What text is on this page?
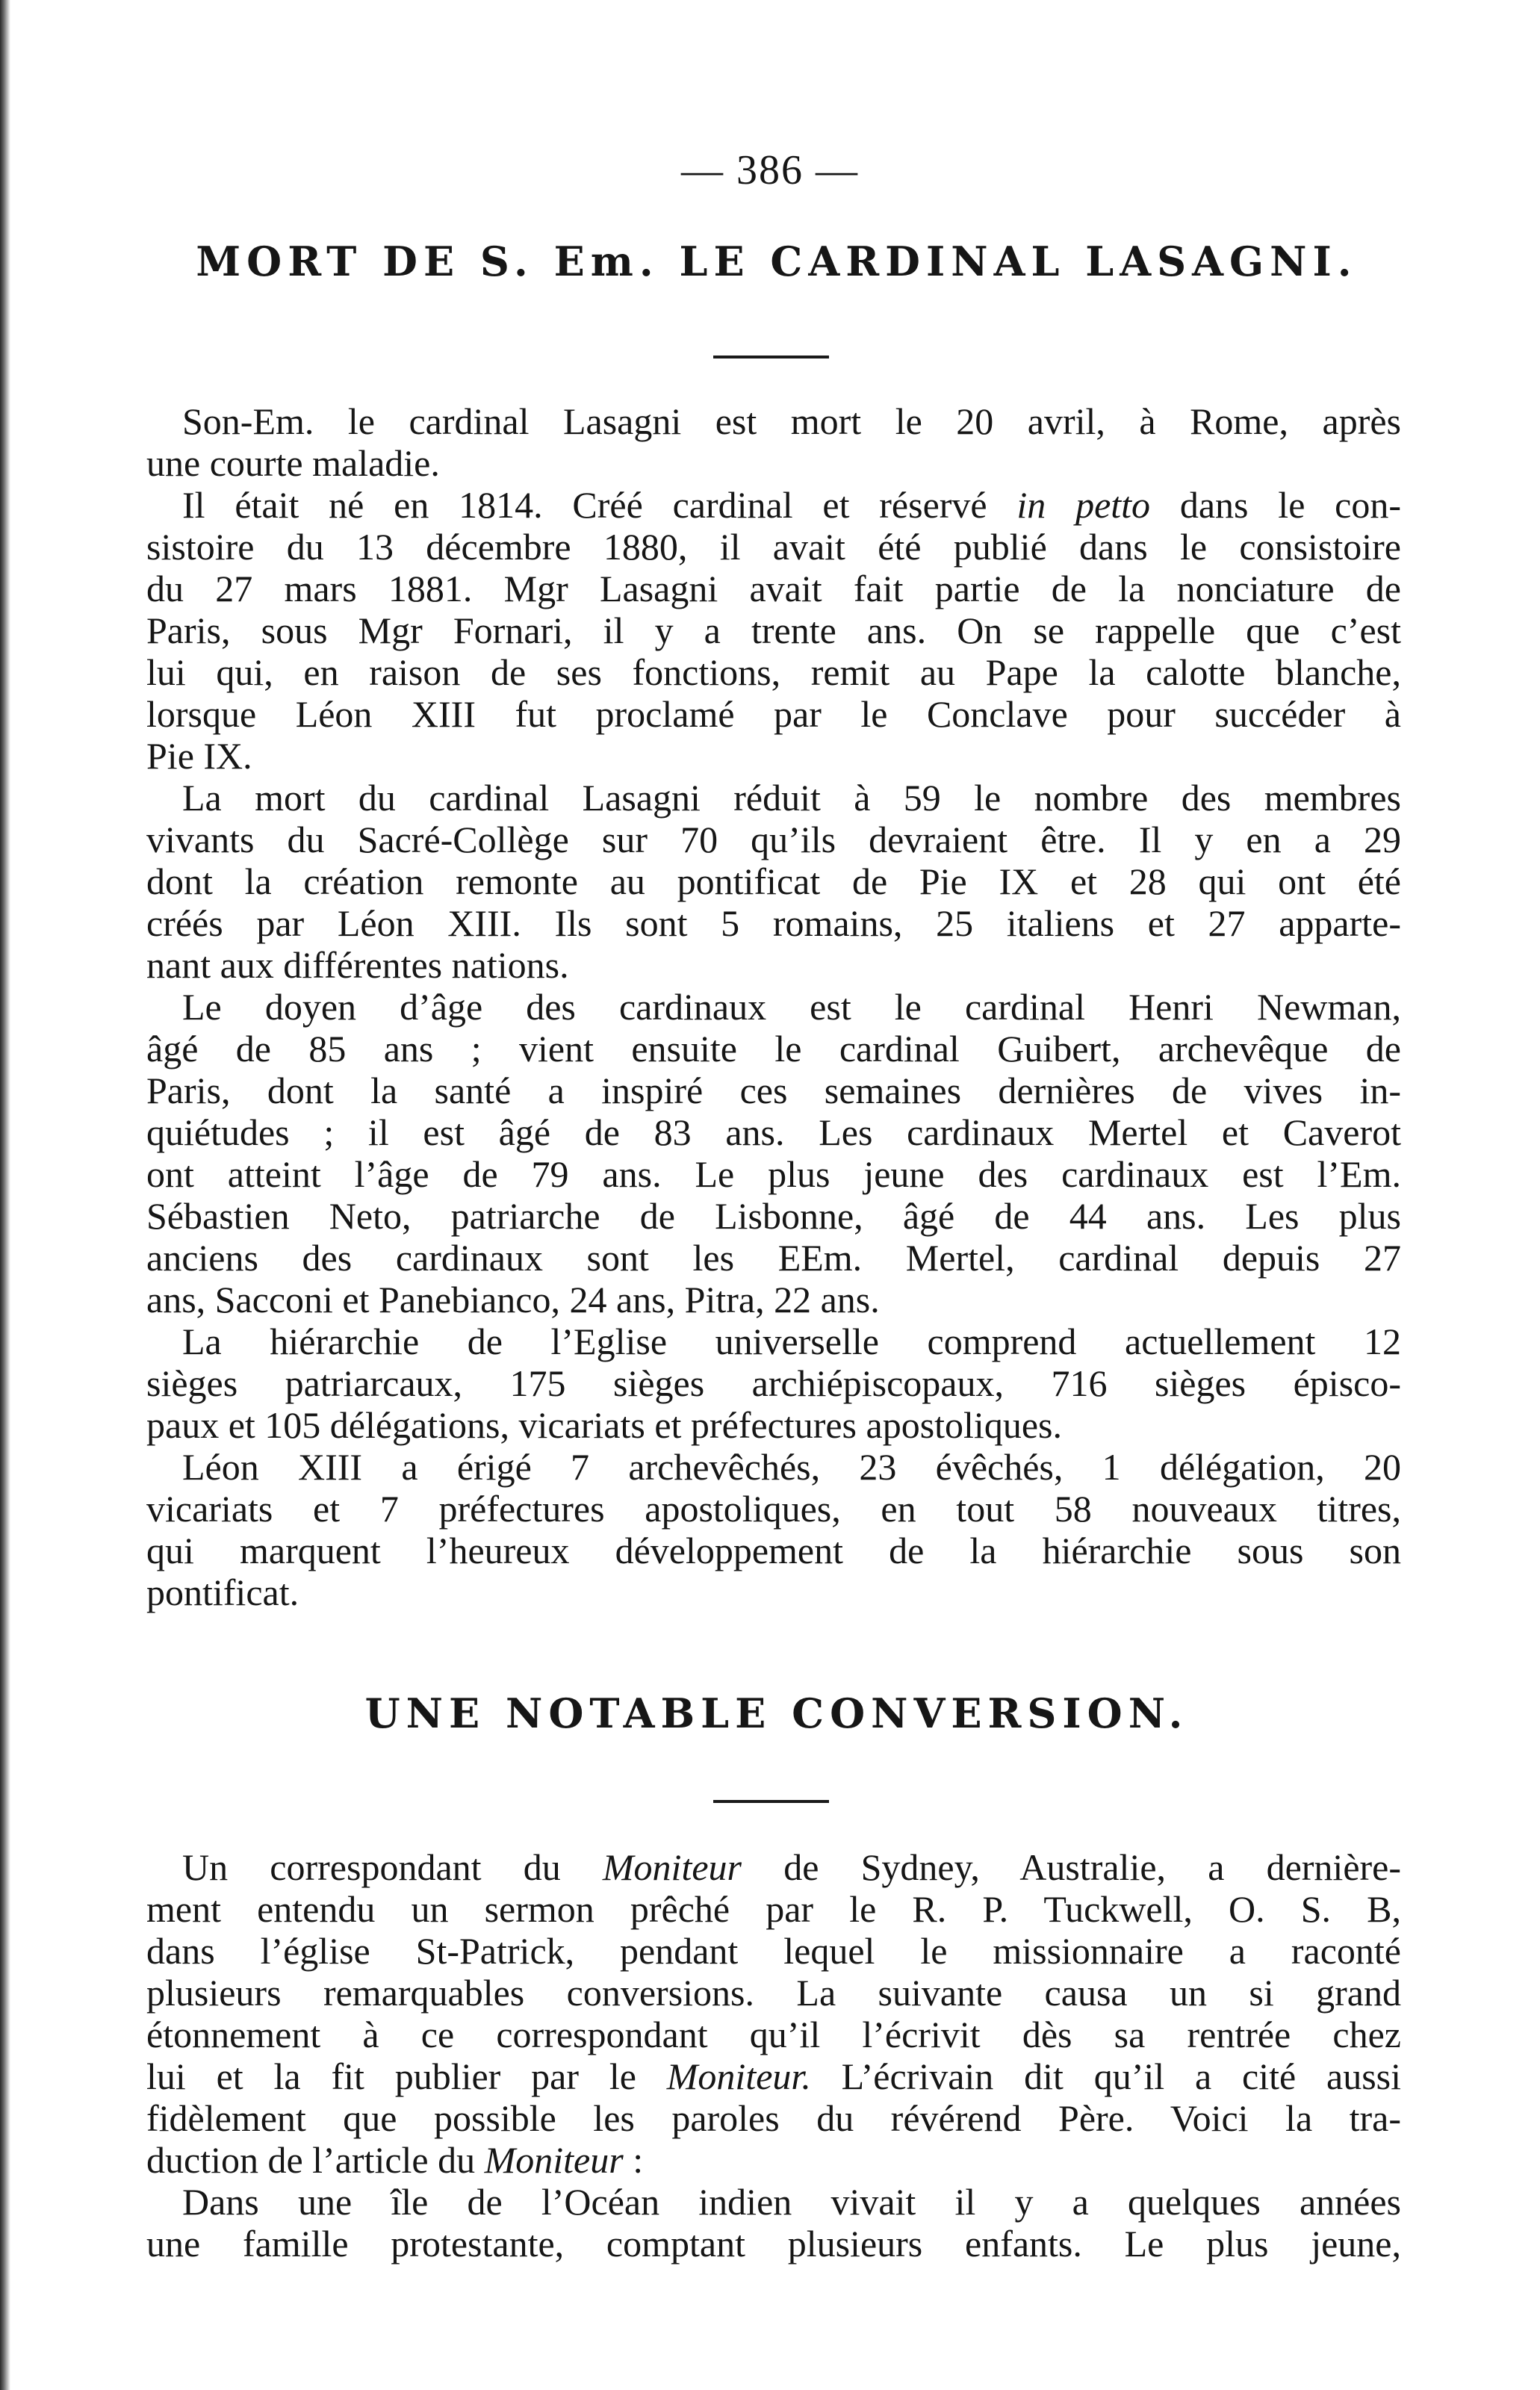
— 386 —
MORT DE S. Em. LE CARDINAL LASAGNI.

Son-Em. le cardinal Lasagni est mort le 20 avril, à Rome, après
une courte maladie.

Il était né en 1814. Créé cardinal et réservé in petto dans le con-
sistoire du 13 décembre 1880, il avait été publié dans le consistoire
du 27 mars 1881. Mgr Lasagni avait fait partie de la nonciature de
Paris, sous Mgr Fornari, il y a trente ans. On se rappelle que c’est
lui qui, en raison de ses fonctions, remit au Pape la calotte blanche,
lorsque Léon XIII fut proclamé par le Conclave pour succéder à
Pie IX.

La mort du cardinal Lasagni réduit à 59 le nombre des membres
vivants du Sacré-Collège sur 70 qu’ils devraient être. Il y en a 29
dont la création remonte au pontificat de Pie IX et 28 qui ont été
créés par Léon XIII. Ils sont 5 romains, 25 italiens et 27 apparte-
nant aux différentes nations.

Le doyen d’âge des cardinaux est le cardinal Henri Newman,
âgé de 85 ans ; vient ensuite le cardinal Guibert, archevêque de
Paris, dont la santé a inspiré ces semaines dernières de vives in-
quiétudes ; il est âgé de 83 ans. Les cardinaux Mertel et Caverot
ont atteint l’âge de 79 ans. Le plus jeune des cardinaux est l’Em.
Sébastien Neto, patriarche de Lisbonne, âgé de 44 ans. Les plus
anciens des cardinaux sont les EEm. Mertel, cardinal depuis 27
ans, Sacconi et Panebianco, 24 ans, Pitra, 22 ans.

La hiérarchie de l’Eglise universelle comprend actuellement 12
sièges patriarcaux, 175 sièges archiépiscopaux, 716 sièges épisco-
paux et 105 délégations, vicariats et préfectures apostoliques.

Léon XIII a érigé 7 archevêchés, 23 évêchés, 1 délégation, 20
vicariats et 7 préfectures apostoliques, en tout 58 nouveaux titres,
qui marquent l’heureux développement de la hiérarchie sous son
pontificat.

UNE NOTABLE CONVERSION.

Un correspondant du Moniteur de Sydney, Australie, a dernière-
ment entendu un sermon prêché par le R. P. Tuckwell, O. S. B,
dans l’église St-Patrick, pendant lequel le missionnaire a raconté
plusieurs remarquables conversions. La suivante causa un si grand
étonnement à ce correspondant qu’il l’écrivit dès sa rentrée chez
lui et la fit publier par le Moniteur. L’écrivain dit qu’il a cité aussi
fidèlement que possible les paroles du révérend Père. Voici la tra-
duction de l’article du Moniteur :

Dans une île de l’Océan indien vivait il y a quelques années
une famille protestante, comptant plusieurs enfants. Le plus jeune,
